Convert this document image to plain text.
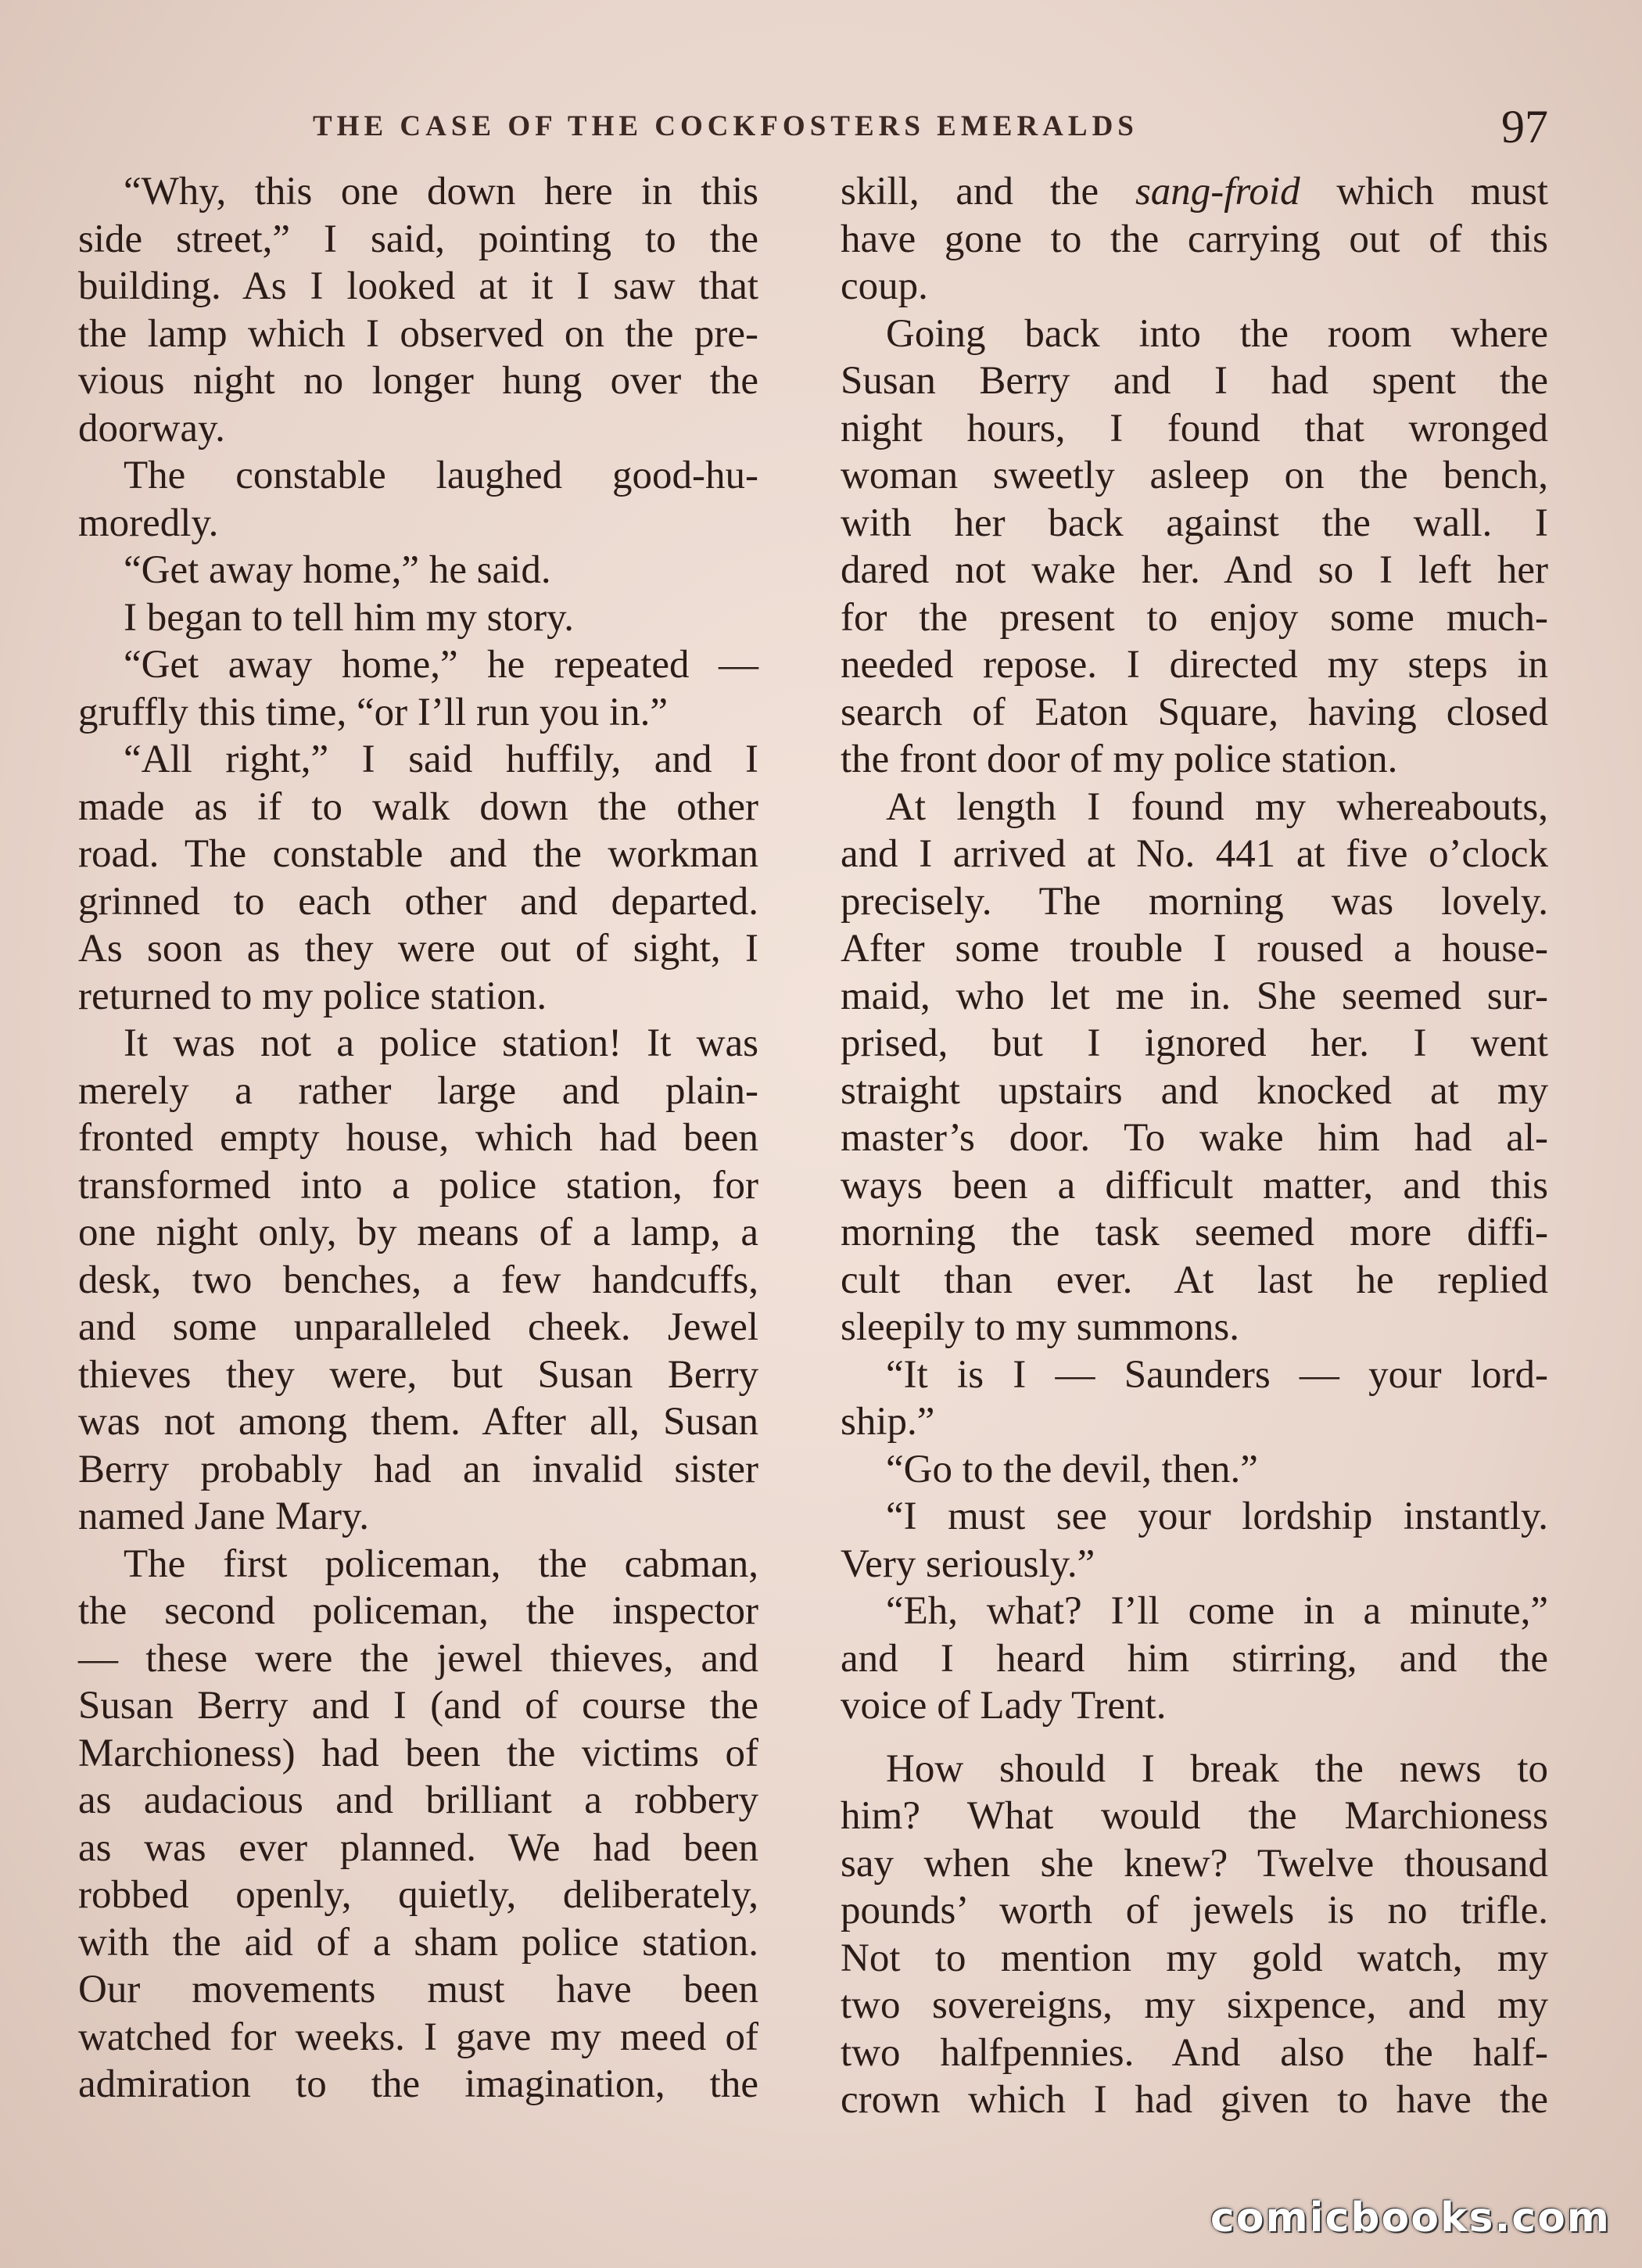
THE CASE OF THE COCKFOSTERS EMERALDS	97

“Why, this one down here in this
side street,” I said, pointing to the
building. As I looked at it I saw that
the lamp which I observed on the pre-
vious night no longer hung over the
doorway.

The constable laughed good-hu-
moredly.

“Get away home,” he said.

I began to tell him my story.

“Get away home,” he repeated —
gruffly this time, “or I’ll run you in.”

“All right,” I said huffily, and I
made as if to walk down the other
road. The constable and the workman
grinned to each other and departed.
As soon as they were out of sight, I
returned to my police station.

It was not a police station! It was
merely a rather large and plain-
fronted empty house, which had been
transformed into a police station, for
one night only, by means of a lamp, a
desk, two benches, a few handcuffs,
and some unparalleled cheek. Jewel
thieves they were, but Susan Berry
was not among them. After all, Susan
Berry probably had an invalid sister
named Jane Mary.

The first policeman, the cabman,
the second policeman, the inspector
— these were the jewel thieves, and
Susan Berry and I (and of course the
Marchioness) had been the victims of
as audacious and brilliant a robbery
as was ever planned. We had been
robbed openly, quietly, deliberately,
with the aid of a sham police station.
Our movements must have been
watched for weeks. I gave my meed of
admiration to the imagination, the

skill, and the sang-froid which must
have gone to the carrying out of this
coup.

Going back into the room where
Susan Berry and I had spent the
night hours, I found that wronged
woman sweetly asleep on the bench,
with her back against the wall. I
dared not wake her. And so I left her
for the present to enjoy some much-
needed repose. I directed my steps in
search of Eaton Square, having closed
the front door of my police station.

At length I found my whereabouts,
and I arrived at No. 441 at five o’clock
precisely. The morning was lovely.
After some trouble I roused a house-
maid, who let me in. She seemed sur-
prised, but I ignored her. I went
straight upstairs and knocked at my
master’s door. To wake him had al-
ways been a difficult matter, and this
morning the task seemed more diffi-
cult than ever. At last he replied
sleepily to my summons.

“It is I — Saunders — your lord-
ship.”

“Go to the devil, then.”

“I must see your lordship instantly.
Very seriously.”

“Eh, what? I’ll come in a minute,”
and I heard him stirring, and the
voice of Lady Trent.

How should I break the news to
him? What would the Marchioness
say when she knew? Twelve thousand
pounds’ worth of jewels is no trifle.
Not to mention my gold watch, my
two sovereigns, my sixpence, and my
two halfpennies. And also the half-
crown which I had given to have the

comicbooks.com
